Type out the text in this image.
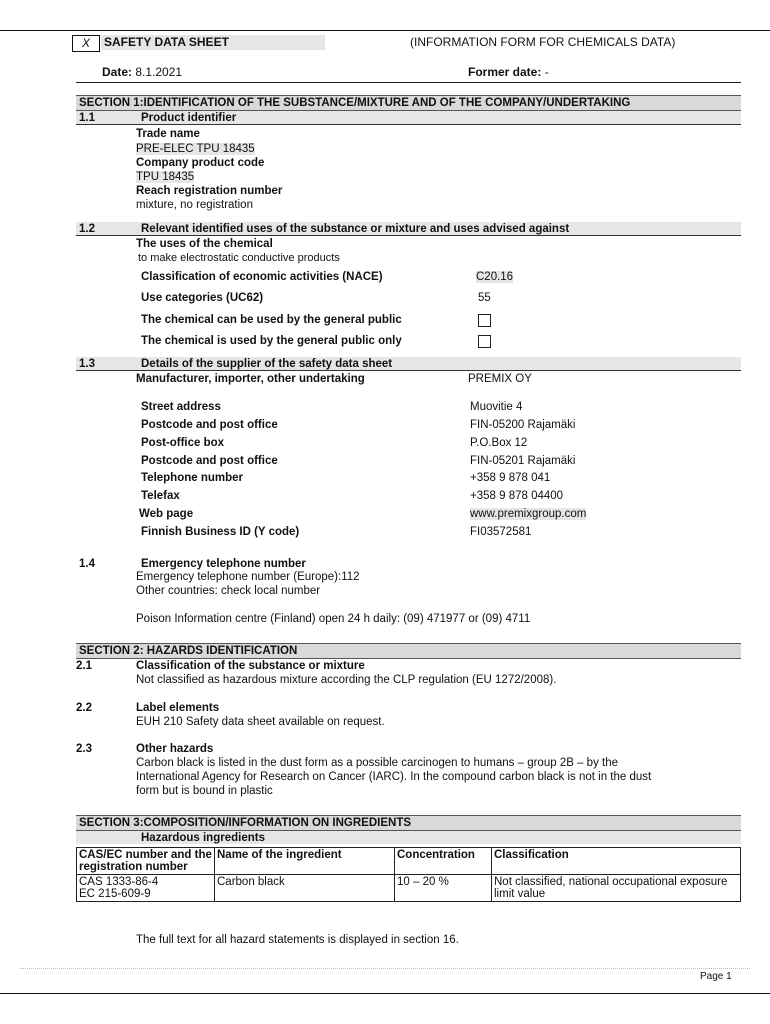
X	SAFETY DATA SHEET	(INFORMATION FORM FOR CHEMICALS DATA)
Date: 8.1.2021	Former date: -
SECTION 1:IDENTIFICATION OF THE SUBSTANCE/MIXTURE AND OF THE COMPANY/UNDERTAKING
1.1	Product identifier
Trade name
PRE-ELEC TPU 18435
Company product code
TPU 18435
Reach registration number
mixture, no registration
1.2	Relevant identified uses of the substance or mixture and uses advised against
The uses of the chemical
to make electrostatic conductive products
Classification of economic activities (NACE)	C20.16
Use categories (UC62)	55
The chemical can be used by the general public
The chemical is used by the general public only
1.3	Details of the supplier of the safety data sheet
Manufacturer, importer, other undertaking	PREMIX OY
Street address	Muovitie 4
Postcode and post office	FIN-05200 Rajamäki
Post-office box	P.O.Box 12
Postcode and post office	FIN-05201 Rajamäki
Telephone number	+358 9 878 041
Telefax	+358 9 878 04400
Web page	www.premixgroup.com
Finnish Business ID (Y code)	FI03572581
1.4	Emergency telephone number
Emergency telephone number (Europe):112
Other countries: check local number
Poison Information centre (Finland) open 24 h daily: (09) 471977 or (09) 4711
SECTION 2: HAZARDS IDENTIFICATION
2.1	Classification of the substance or mixture
Not classified as hazardous mixture according the CLP regulation (EU 1272/2008).
2.2	Label elements
EUH 210 Safety data sheet available on request.
2.3	Other hazards
Carbon black is listed in the dust form as a possible carcinogen to humans – group 2B – by the
International Agency for Research on Cancer (IARC). In the compound carbon black is not in the dust
form but is bound in plastic
SECTION 3:COMPOSITION/INFORMATION ON INGREDIENTS
Hazardous ingredients
CAS/EC number and the registration number	Name of the ingredient	Concentration	Classification

CAS 1333-86-4
EC 215-609-9	Carbon black	10 – 20 %	Not classified, national occupational exposure limit value
The full text for all hazard statements is displayed in section 16.
Page 1
